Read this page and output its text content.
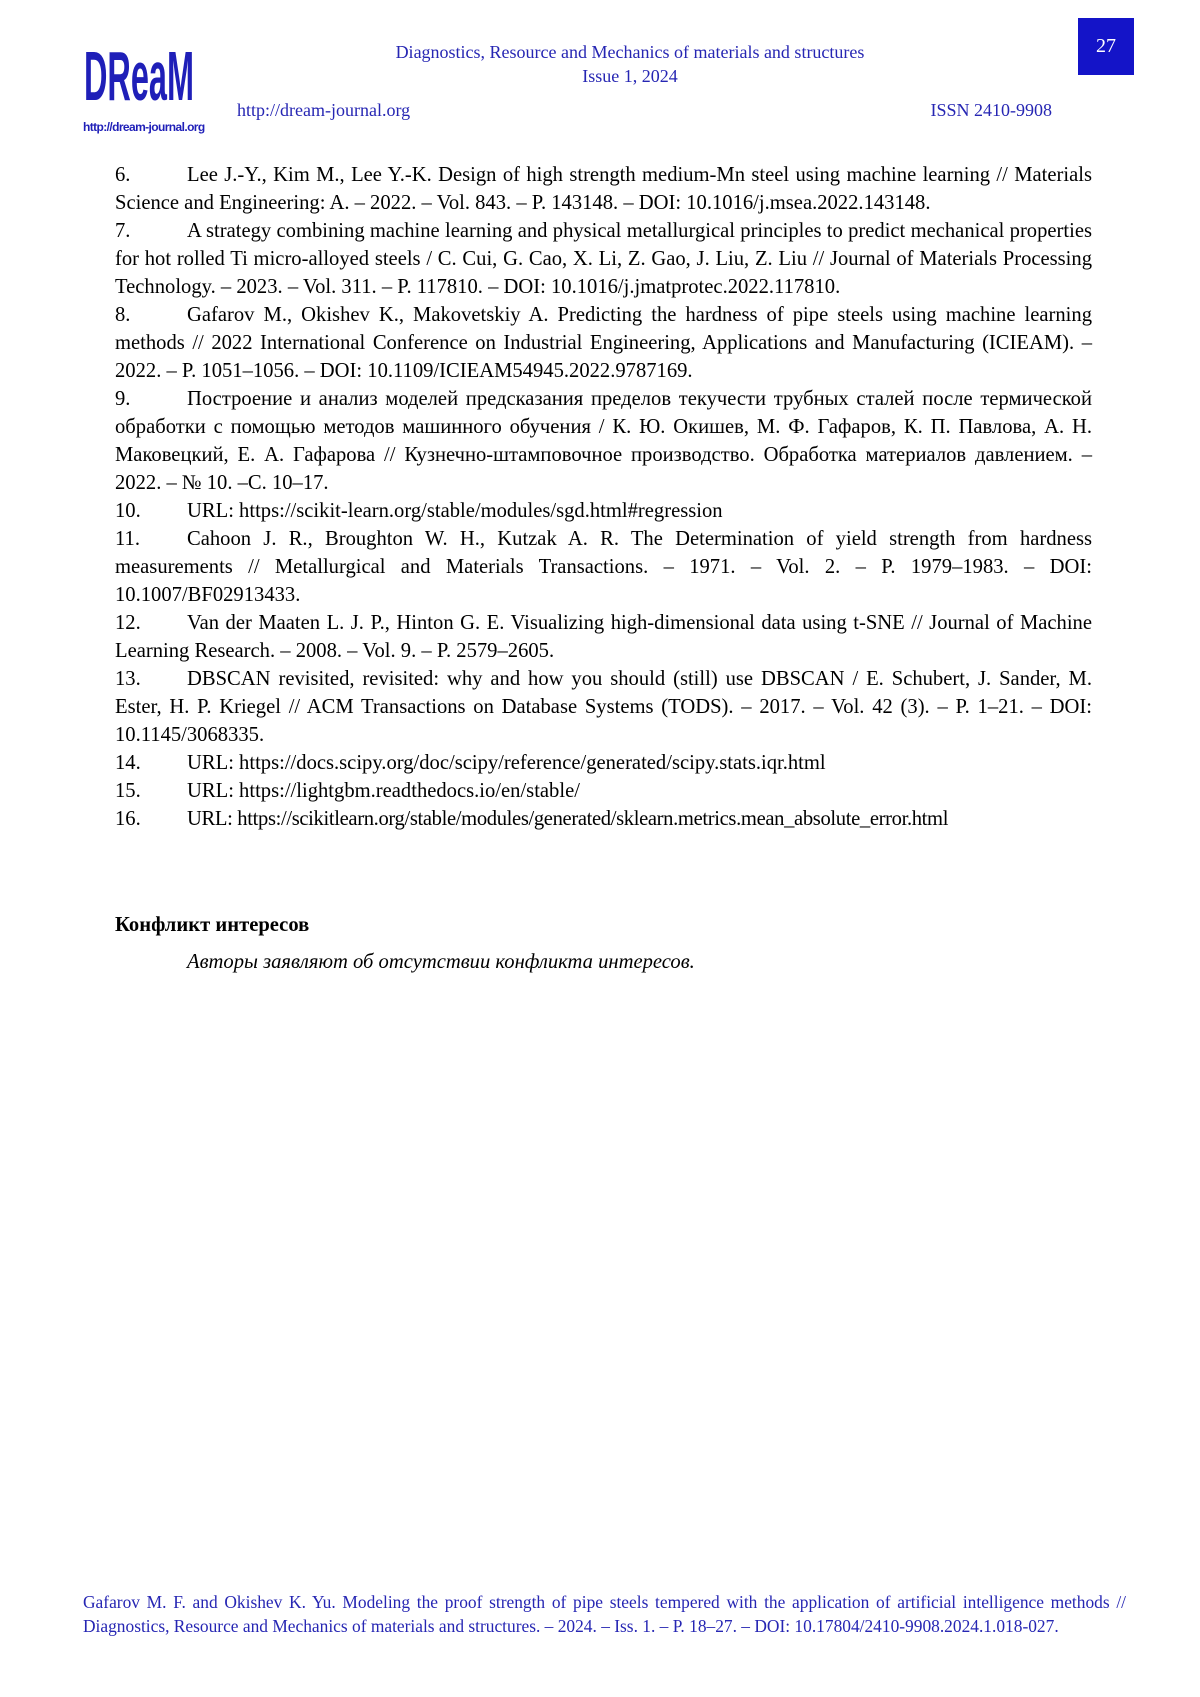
DReaM
http://dream-journal.org
Diagnostics, Resource and Mechanics of materials and structures
Issue 1, 2024
http://dream-journal.org	ISSN 2410-9908
27

6.	Lee J.-Y., Kim M., Lee Y.-K. Design of high strength medium-Mn steel using machine learning // Materials Science and Engineering: A. – 2022. – Vol. 843. – P. 143148. – DOI: 10.1016/j.msea.2022.143148.

7.	A strategy combining machine learning and physical metallurgical principles to predict mechanical properties for hot rolled Ti micro-alloyed steels / C. Cui, G. Cao, X. Li, Z. Gao, J. Liu, Z. Liu // Journal of Materials Processing Technology. – 2023. – Vol. 311. – P. 117810. – DOI: 10.1016/j.jmatprotec.2022.117810.

8.	Gafarov M., Okishev K., Makovetskiy A. Predicting the hardness of pipe steels using machine learning methods // 2022 International Conference on Industrial Engineering, Applications and Manufacturing (ICIEAM). – 2022. – P. 1051–1056. – DOI: 10.1109/ICIEAM54945.2022.9787169.

9.	Построение и анализ моделей предсказания пределов текучести трубных сталей после термической обработки с помощью методов машинного обучения / К. Ю. Окишев, М. Ф. Гафаров, К. П. Павлова, А. Н. Маковецкий, Е. А. Гафарова // Кузнечно-штамповочное производство. Обработка материалов давлением. – 2022. – № 10. –С. 10–17.

10. URL: https://scikit-learn.org/stable/modules/sgd.html#regression

11. Cahoon J. R., Broughton W. H., Kutzak A. R. The Determination of yield strength from hardness measurements // Metallurgical and Materials Transactions. – 1971. – Vol. 2. – P. 1979–1983. – DOI: 10.1007/BF02913433.

12. Van der Maaten L. J. P., Hinton G. E. Visualizing high-dimensional data using t-SNE // Journal of Machine Learning Research. – 2008. – Vol. 9. – P. 2579–2605.

13. DBSCAN revisited, revisited: why and how you should (still) use DBSCAN / E. Schubert, J. Sander, M. Ester, H. P. Kriegel // ACM Transactions on Database Systems (TODS). – 2017. – Vol. 42 (3). – P. 1–21. – DOI: 10.1145/3068335.

14. URL: https://docs.scipy.org/doc/scipy/reference/generated/scipy.stats.iqr.html

15. URL: https://lightgbm.readthedocs.io/en/stable/

16. URL: https://scikitlearn.org/stable/modules/generated/sklearn.metrics.mean_absolute_error.html

Конфликт интересов
Авторы заявляют об отсутствии конфликта интересов.
Gafarov M. F. and Okishev K. Yu. Modeling the proof strength of pipe steels tempered with the application of artificial intelligence methods // Diagnostics, Resource and Mechanics of materials and structures. – 2024. – Iss. 1. – P. 18–27. – DOI: 10.17804/2410-9908.2024.1.018-027.
